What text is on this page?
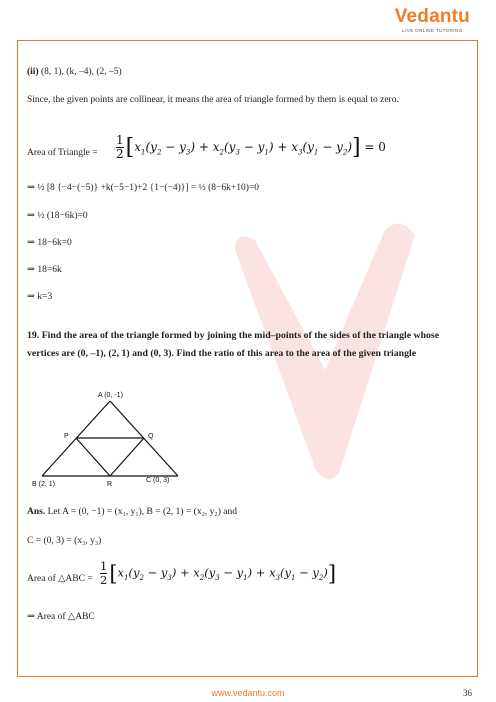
Vedantu
LIVE ONLINE TUTORING
(ii) (8, 1), (k, –4), (2, –5)
Since, the given points are collinear, it means the area of triangle formed by them is equal to zero.
Area of Triangle = $\frac{1}{2} [x_1(y_2 - y_3) + x_2(y_3 - y_1) + x_3(y_1 - y_2)] = 0$
⇒ ½ [8 {−4−(−5)} +k(−5−1)+2 {1−(−4)}] = ½ (8−6k+10)=0
⇒ ½ (18−6k)=0
⇒ 18−6k=0
⇒ 18=6k
⇒ k=3
19. Find the area of the triangle formed by joining the mid–points of the sides of the triangle whose vertices are (0, –1), (2, 1) and (0, 3). Find the ratio of this area to the area of the given triangle
A (0, -1)
P	Q
B (2, 1)	R
C (0, 3)
Ans. Let A = (0, −1) = (x₁, y₁), B = (2, 1) = (x₂, y₂) and
C = (0, 3) = (x₃, y₃)
Area of △ABC = $\frac{1}{2} [x_1(y_2 - y_3) + x_2(y_3 - y_1) + x_3(y_1 - y_2)]$
⇒ Area of △ABC
www.vedantu.com	36
